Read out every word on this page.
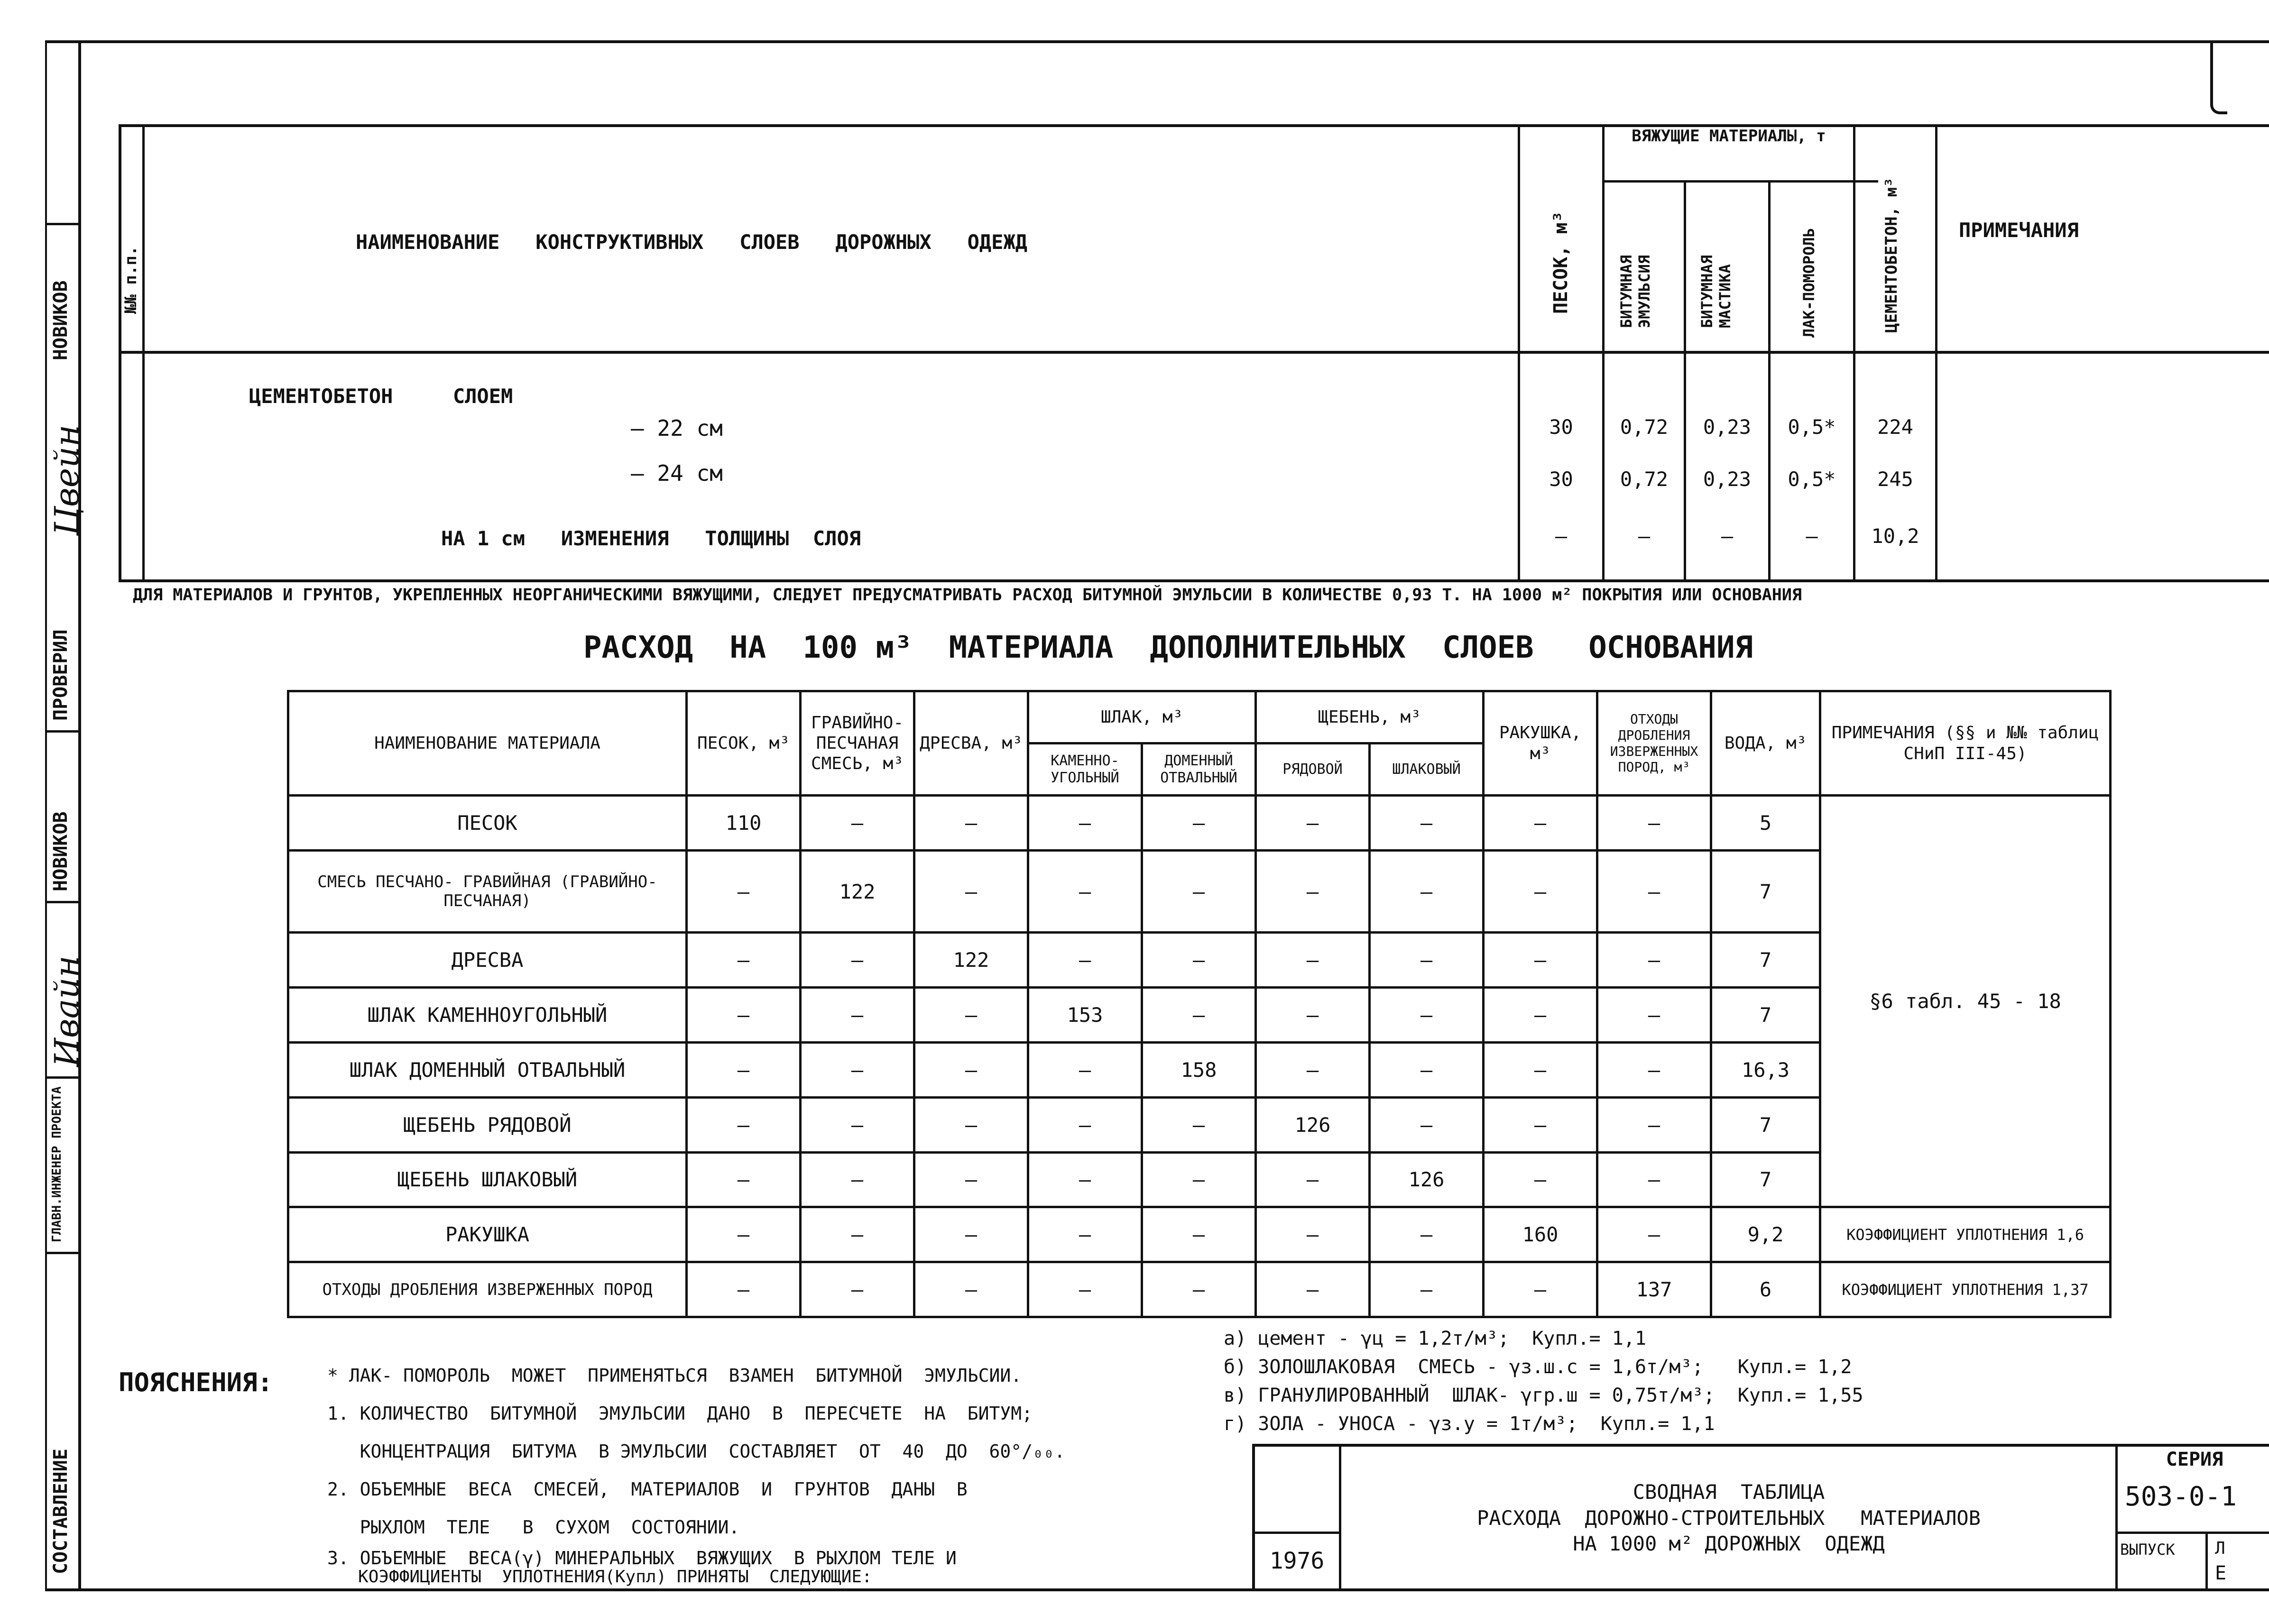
НОВИКОВ
Цвейн
ПРОВЕРИЛ
НОВИКОВ
Ивайн
ГЛАВН.ИНЖЕНЕР ПРОЕКТА
СОСТАВЛЕНИЕ
№№ п.п.
НАИМЕНОВАНИЕ   КОНСТРУКТИВНЫХ   СЛОЕВ   ДОРОЖНЫХ   ОДЕЖД	ПЕСОК, м³
ВЯЖУЩИЕ МАТЕРИАЛЫ, т
БИТУМНАЯ ЭМУЛЬСИЯ	БИТУМНАЯ МАСТИКА	ЛАК-ПОМОРОЛЬ	ЦЕМЕНТОБЕТОН, м³	ПРИМЕЧАНИЯ
ЦЕМЕНТОБЕТОН     СЛОЕМ
— 22 см	30	0,72	0,23	0,5*	224
— 24 см	30	0,72	0,23	0,5*	245
НА 1 см   ИЗМЕНЕНИЯ   ТОЛЩИНЫ  СЛОЯ	—	—	—	—	10,2
ДЛЯ МАТЕРИАЛОВ И ГРУНТОВ, УКРЕПЛЕННЫХ НЕОРГАНИЧЕСКИМИ ВЯЖУЩИМИ, СЛЕДУЕТ ПРЕДУСМАТРИВАТЬ РАСХОД БИТУМНОЙ ЭМУЛЬСИИ В КОЛИЧЕСТВЕ 0,93 Т. НА 1000 м² ПОКРЫТИЯ ИЛИ ОСНОВАНИЯ
РАСХОД  НА  100 м³  МАТЕРИАЛА  ДОПОЛНИТЕЛЬНЫХ  СЛОЕВ   ОСНОВАНИЯ
НАИМЕНОВАНИЕ МАТЕРИАЛА	ПЕСОК, м³	ГРАВИЙНО-ПЕСЧАНАЯ СМЕСЬ, м³	ДРЕСВА, м³	ШЛАК, м³		ЩЕБЕНЬ, м³		РАКУШКА, м³	ОТХОДЫ ДРОБЛЕНИЯ ИЗВЕРЖЕННЫХ ПОРОД, м³	ВОДА, м³	ПРИМЕЧАНИЯ (§§ и №№ таблиц СНиП III-45)
				КАМЕННО-УГОЛЬНЫЙ	ДОМЕННЫЙ ОТВАЛЬНЫЙ	РЯДОВОЙ	ШЛАКОВЫЙ				
ПЕСОК	110	—	—	—	—	—	—	—	—	5	§6 табл. 45 - 18
СМЕСЬ ПЕСЧАНО- ГРАВИЙНАЯ (ГРАВИЙНО- ПЕСЧАНАЯ)	—	122	—	—	—	—	—	—	—	7	
ДРЕСВА	—	—	122	—	—	—	—	—	—	7	
ШЛАК КАМЕННОУГОЛЬНЫЙ	—	—	—	153	—	—	—	—	—	7	
ШЛАК ДОМЕННЫЙ ОТВАЛЬНЫЙ	—	—	—	—	158	—	—	—	—	16,3	
ЩЕБЕНЬ РЯДОВОЙ	—	—	—	—	—	126	—	—	—	7	
ЩЕБЕНЬ ШЛАКОВЫЙ	—	—	—	—	—	—	126	—	—	7	
РАКУШКА	—	—	—	—	—	—	—	160	—	9,2	КОЭФФИЦИЕНТ УПЛОТНЕНИЯ 1,6
ОТХОДЫ ДРОБЛЕНИЯ ИЗВЕРЖЕННЫХ ПОРОД	—	—	—	—	—	—	—	—	137	6	КОЭФФИЦИЕНТ УПЛОТНЕНИЯ 1,37
ПОЯСНЕНИЯ:	* ЛАК- ПОМОРОЛЬ  МОЖЕТ  ПРИМЕНЯТЬСЯ  ВЗАМЕН  БИТУМНОЙ  ЭМУЛЬСИИ.
1. КОЛИЧЕСТВО  БИТУМНОЙ  ЭМУЛЬСИИ  ДАНО  В  ПЕРЕСЧЕТЕ  НА  БИТУМ;
КОНЦЕНТРАЦИЯ  БИТУМА  В ЭМУЛЬСИИ  СОСТАВЛЯЕТ  ОТ  40  ДО  60°/₀₀.
2. ОБЪЕМНЫЕ  ВЕСА  СМЕСЕЙ,  МАТЕРИАЛОВ  И  ГРУНТОВ  ДАНЫ  В
РЫХЛОМ  ТЕЛЕ   В  СУХОМ  СОСТОЯНИИ.
3. ОБЪЕМНЫЕ  ВЕСА(γ) МИНЕРАЛЬНЫХ  ВЯЖУЩИХ  В РЫХЛОМ ТЕЛЕ И
КОЭФФИЦИЕНТЫ  УПЛОТНЕНИЯ(Купл) ПРИНЯТЫ  СЛЕДУЮЩИЕ:
а) цемент - γц = 1,2т/м³;  Купл.= 1,1
б) ЗОЛОШЛАКОВАЯ  СМЕСЬ - γз.ш.с = 1,6т/м³;   Купл.= 1,2
в) ГРАНУЛИРОВАННЫЙ  ШЛАК- γгр.ш = 0,75т/м³;  Купл.= 1,55
г) ЗОЛА - УНОСА - γз.у = 1т/м³;  Купл.= 1,1
СВОДНАЯ  ТАБЛИЦА
РАСХОДА  ДОРОЖНО-СТРОИТЕЛЬНЫХ   МАТЕРИАЛОВ
НА 1000 м² ДОРОЖНЫХ  ОДЕЖД
1976
СЕРИЯ
503-0-1
ВЫПУСК Л
Е
